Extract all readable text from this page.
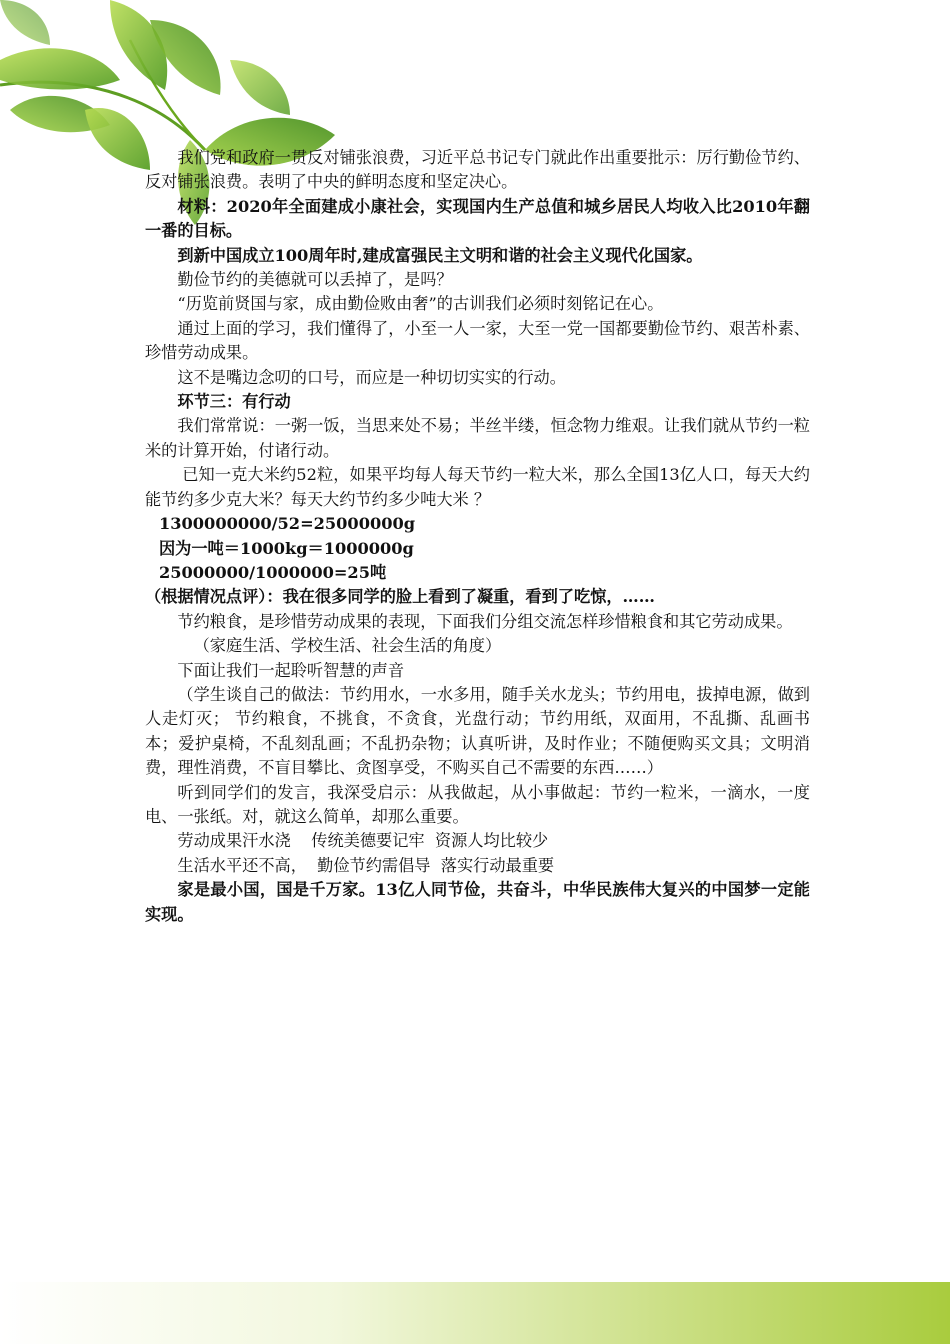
我们党和政府一贯反对铺张浪费，习近平总书记专门就此作出重要批示：厉行勤俭节约、反对铺张浪费。表明了中央的鲜明态度和坚定决心。

材料：2020年全面建成小康社会，实现国内生产总值和城乡居民人均收入比2010年翻一番的目标。

到新中国成立100周年时,建成富强民主文明和谐的社会主义现代化国家。

勤俭节约的美德就可以丢掉了，是吗？

“历览前贤国与家，成由勤俭败由奢”的古训我们必须时刻铭记在心。

通过上面的学习，我们懂得了，小至一人一家，大至一党一国都要勤俭节约、艰苦朴素、珍惜劳动成果。

这不是嘴边念叨的口号，而应是一种切切实实的行动。

环节三：有行动

我们常常说：一粥一饭，当思来处不易；半丝半缕，恒念物力维艰。让我们就从节约一粒米的计算开始，付诸行动。

已知一克大米约52粒，如果平均每人每天节约一粒大米，那么全国13亿人口，每天大约能节约多少克大米？每天大约节约多少吨大米 ？

1300000000/52=25000000g

因为一吨＝1000kg＝1000000g

25000000/1000000=25吨

（根据情况点评）：我在很多同学的脸上看到了凝重，看到了吃惊，……

节约粮食，是珍惜劳动成果的表现，下面我们分组交流怎样珍惜粮食和其它劳动成果。

（家庭生活、学校生活、社会生活的角度）

下面让我们一起聆听智慧的声音

（学生谈自己的做法：节约用水，一水多用，随手关水龙头；节约用电，拔掉电源，做到人走灯灭； 节约粮食，不挑食，不贪食，光盘行动；节约用纸，双面用，不乱撕、乱画书本；爱护桌椅，不乱刻乱画；不乱扔杂物；认真听讲，及时作业；不随便购买文具；文明消费，理性消费，不盲目攀比、贪图享受，不购买自己不需要的东西……）

听到同学们的发言，我深受启示：从我做起，从小事做起：节约一粒米，一滴水，一度电、一张纸。对，就这么简单，却那么重要。

劳动成果汗水浇    传统美德要记牢  资源人均比较少

生活水平还不高，  勤俭节约需倡导  落实行动最重要

家是最小国，国是千万家。13亿人同节俭，共奋斗，中华民族伟大复兴的中国梦一定能实现。
